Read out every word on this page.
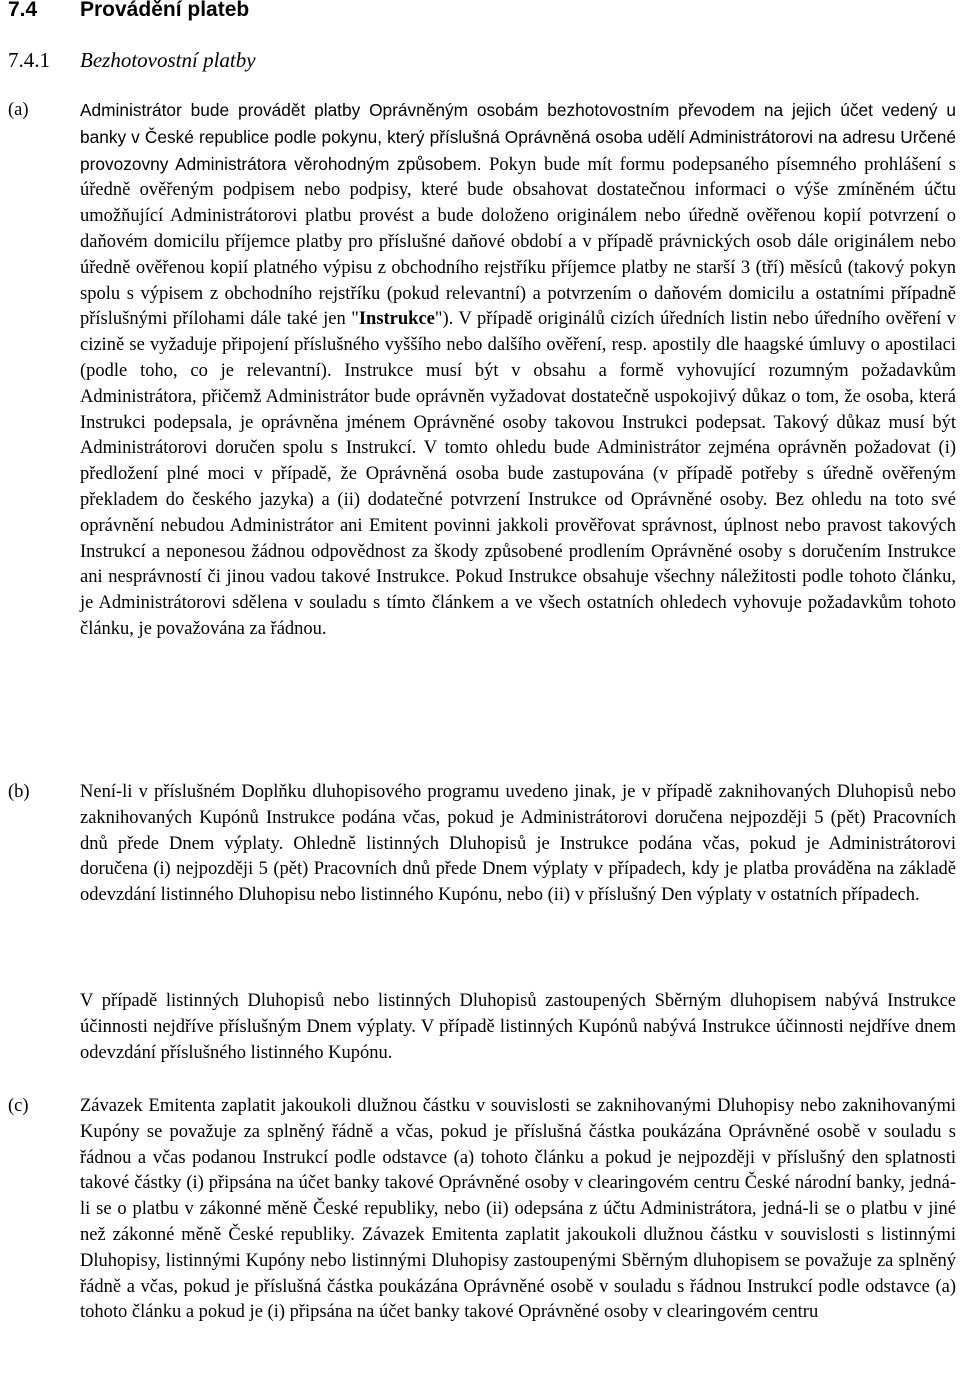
7.4 Provádění plateb
7.4.1 Bezhotovostní platby
(a)	Administrátor bude provádět platby Oprávněným osobám bezhotovostním převodem na jejich účet vedený u banky v České republice podle pokynu, který příslušná Oprávněná osoba udělí Administrátorovi na adresu Určené provozovny Administrátora věrohodným způsobem. Pokyn bude mít formu podepsaného písemného prohlášení s úředně ověřeným podpisem nebo podpisy, které bude obsahovat dostatečnou informaci o výše zmíněném účtu umožňující Administrátorovi platbu provést a bude doloženo originálem nebo úředně ověřenou kopií potvrzení o daňovém domicilu příjemce platby pro příslušné daňové období a v případě právnických osob dále originálem nebo úředně ověřenou kopií platného výpisu z obchodního rejstříku příjemce platby ne starší 3 (tří) měsíců (takový pokyn spolu s výpisem z obchodního rejstříku (pokud relevantní) a potvrzením o daňovém domicilu a ostatními případně příslušnými přílohami dále také jen "Instrukce"). V případě originálů cizích úředních listin nebo úředního ověření v cizině se vyžaduje připojení příslušného vyššího nebo dalšího ověření, resp. apostily dle haagské úmluvy o apostilaci (podle toho, co je relevantní). Instrukce musí být v obsahu a formě vyhovující rozumným požadavkům Administrátora, přičemž Administrátor bude oprávněn vyžadovat dostatečně uspokojivý důkaz o tom, že osoba, která Instrukci podepsala, je oprávněna jménem Oprávněné osoby takovou Instrukci podepsat. Takový důkaz musí být Administrátorovi doručen spolu s Instrukcí. V tomto ohledu bude Administrátor zejména oprávněn požadovat (i) předložení plné moci v případě, že Oprávněná osoba bude zastupována (v případě potřeby s úředně ověřeným překladem do českého jazyka) a (ii) dodatečné potvrzení Instrukce od Oprávněné osoby. Bez ohledu na toto své oprávnění nebudou Administrátor ani Emitent povinni jakkoli prověřovat správnost, úplnost nebo pravost takových Instrukcí a neponesou žádnou odpovědnost za škody způsobené prodlením Oprávněné osoby s doručením Instrukce ani nesprávností či jinou vadou takové Instrukce. Pokud Instrukce obsahuje všechny náležitosti podle tohoto článku, je Administrátorovi sdělena v souladu s tímto článkem a ve všech ostatních ohledech vyhovuje požadavkům tohoto článku, je považována za řádnou.

(b)	Není-li v příslušném Doplňku dluhopisového programu uvedeno jinak, je v případě zaknihovaných Dluhopisů nebo zaknihovaných Kupónů Instrukce podána včas, pokud je Administrátorovi doručena nejpozději 5 (pět) Pracovních dnů přede Dnem výplaty. Ohledně listinných Dluhopisů je Instrukce podána včas, pokud je Administrátorovi doručena (i) nejpozději 5 (pět) Pracovních dnů přede Dnem výplaty v případech, kdy je platba prováděna na základě odevzdání listinného Dluhopisu nebo listinného Kupónu, nebo (ii) v příslušný Den výplaty v ostatních případech.

V případě listinných Dluhopisů nebo listinných Dluhopisů zastoupených Sběrným dluhopisem nabývá Instrukce účinnosti nejdříve příslušným Dnem výplaty. V případě listinných Kupónů nabývá Instrukce účinnosti nejdříve dnem odevzdání příslušného listinného Kupónu.

(c)	Závazek Emitenta zaplatit jakoukoli dlužnou částku v souvislosti se zaknihovanými Dluhopisy nebo zaknihovanými Kupóny se považuje za splněný řádně a včas, pokud je příslušná částka poukázána Oprávněné osobě v souladu s řádnou a včas podanou Instrukcí podle odstavce (a) tohoto článku a pokud je nejpozději v příslušný den splatnosti takové částky (i) připsána na účet banky takové Oprávněné osoby v clearingovém centru České národní banky, jedná-li se o platbu v zákonné měně České republiky, nebo (ii) odepsána z účtu Administrátora, jedná-li se o platbu v jiné než zákonné měně České republiky. Závazek Emitenta zaplatit jakoukoli dlužnou částku v souvislosti s listinnými Dluhopisy, listinnými Kupóny nebo listinnými Dluhopisy zastoupenými Sběrným dluhopisem se považuje za splněný řádně a včas, pokud je příslušná částka poukázána Oprávněné osobě v souladu s řádnou Instrukcí podle odstavce (a) tohoto článku a pokud je (i) připsána na účet banky takové Oprávněné osoby v clearingovém centru
